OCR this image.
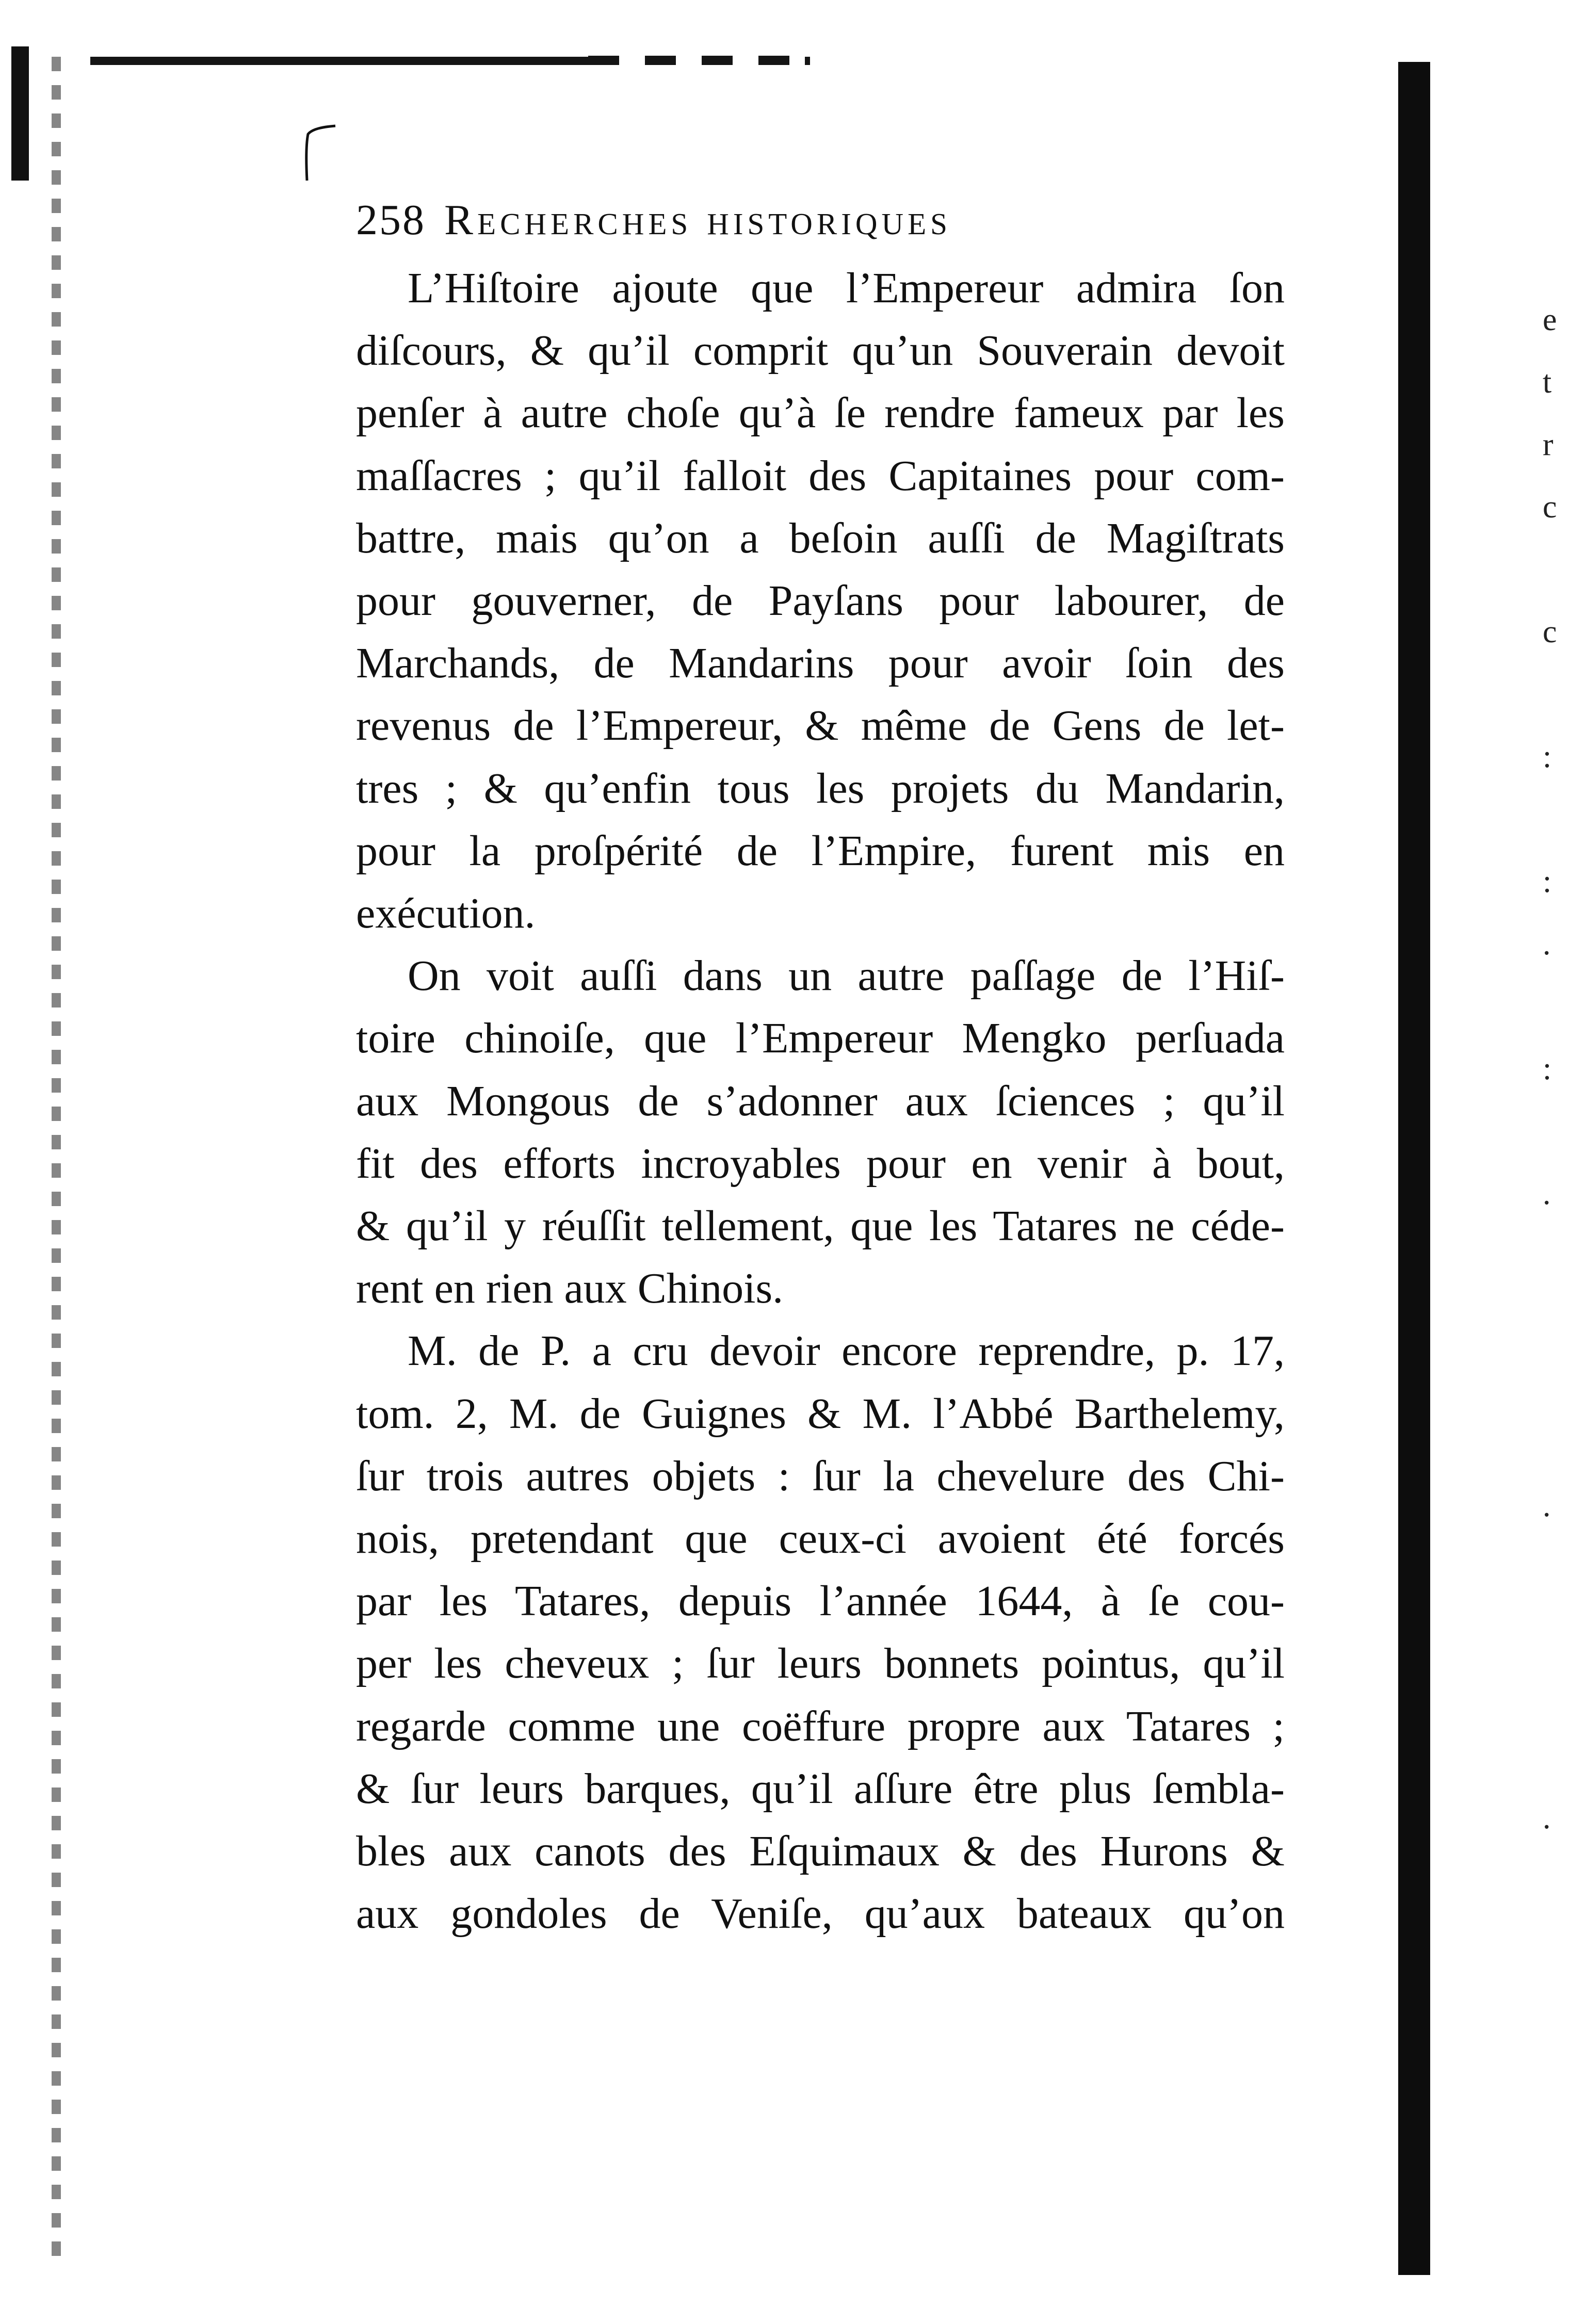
e
t
r
c
c
:
:
.
:
.
.
.
258 Recherches historiques

L’Hiſtoire ajoute que l’Empereur admira ſon
diſcours, & qu’il comprit qu’un Souverain devoit
penſer à autre choſe qu’à ſe rendre fameux par les
maſſacres ; qu’il falloit des Capitaines pour com-
battre, mais qu’on a beſoin auſſi de Magiſtrats
pour gouverner, de Payſans pour labourer, de
Marchands, de Mandarins pour avoir ſoin des
revenus de l’Empereur, & même de Gens de let-
tres ; & qu’enfin tous les projets du Mandarin,
pour la proſpérité de l’Empire, furent mis en
exécution.

On voit auſſi dans un autre paſſage de l’Hiſ-
toire chinoiſe, que l’Empereur Mengko perſuada
aux Mongous de s’adonner aux ſciences ; qu’il
fit des efforts incroyables pour en venir à bout,
& qu’il y réuſſit tellement, que les Tatares ne céde-
rent en rien aux Chinois.

M. de P. a cru devoir encore reprendre, p. 17,
tom. 2, M. de Guignes & M. l’Abbé Barthelemy,
ſur trois autres objets : ſur la chevelure des Chi-
nois, pretendant que ceux-ci avoient été forcés
par les Tatares, depuis l’année 1644, à ſe cou-
per les cheveux ; ſur leurs bonnets pointus, qu’il
regarde comme une coëffure propre aux Tatares ;
& ſur leurs barques, qu’il aſſure être plus ſembla-
bles aux canots des Eſquimaux & des Hurons &
aux gondoles de Veniſe, qu’aux bateaux qu’on
